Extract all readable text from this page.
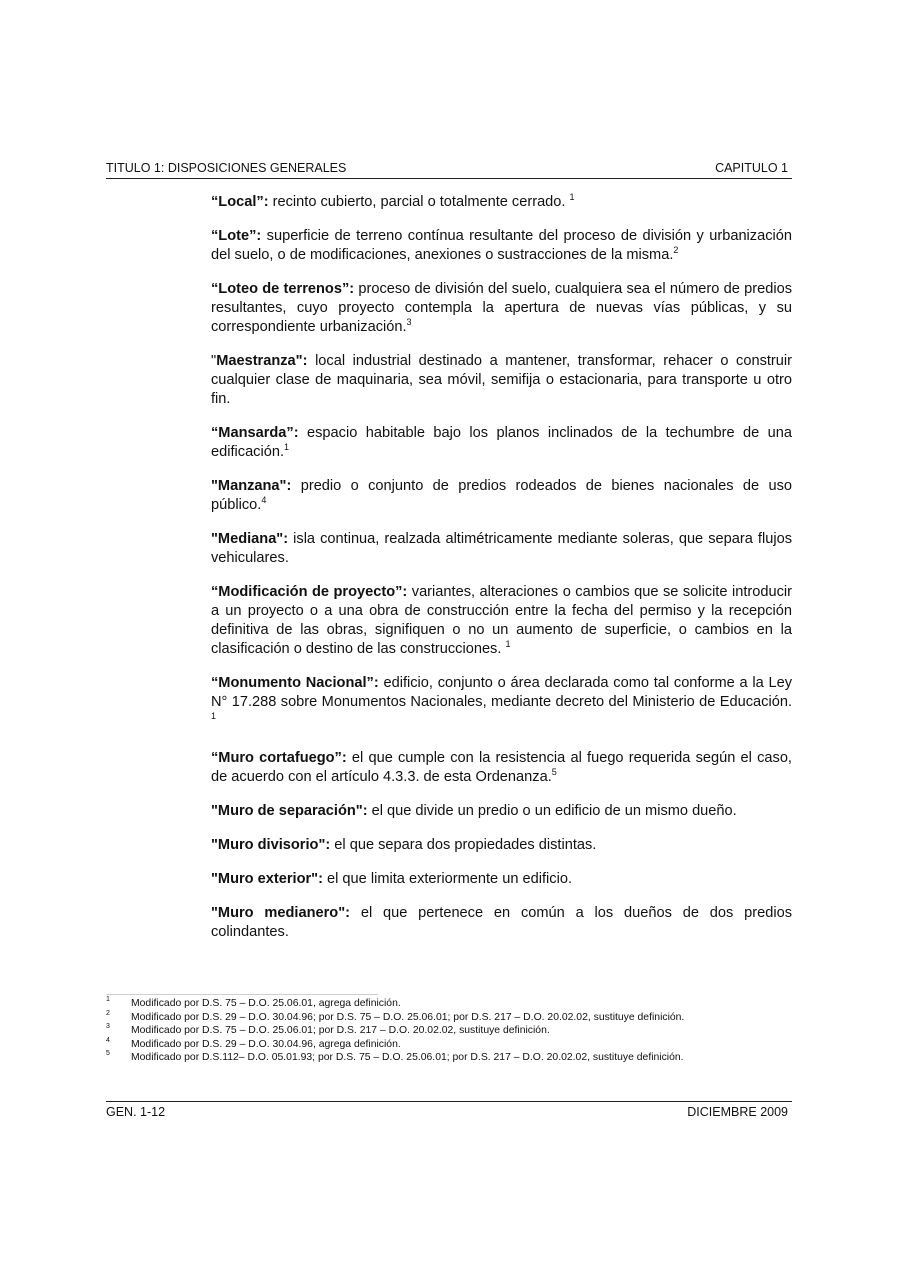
TITULO 1: DISPOSICIONES GENERALES	CAPITULO 1

“Local”: recinto cubierto, parcial o totalmente cerrado. $^1$

“Lote”: superficie de terreno contínua resultante del proceso de división y urbanización del suelo, o de modificaciones, anexiones o sustracciones de la misma.$^2$

“Loteo de terrenos”: proceso de división del suelo, cualquiera sea el número de predios resultantes, cuyo proyecto contempla la apertura de nuevas vías públicas, y su correspondiente urbanización.$^3$

"Maestranza": local industrial destinado a mantener, transformar, rehacer o construir cualquier clase de maquinaria, sea móvil, semifija o estacionaria, para transporte u otro fin.

“Mansarda”: espacio habitable bajo los planos inclinados de la techumbre de una edificación.$^1$

"Manzana": predio o conjunto de predios rodeados de bienes nacionales de uso público.$^4$

"Mediana": isla continua, realzada altimétricamente mediante soleras, que separa flujos vehiculares.

“Modificación de proyecto”: variantes, alteraciones o cambios que se solicite introducir a un proyecto o a una obra de construcción entre la fecha del permiso y la recepción definitiva de las obras, signifiquen o no un aumento de superficie, o cambios en la clasificación o destino de las construcciones. $^1$

“Monumento Nacional”: edificio, conjunto o área declarada como tal conforme a la Ley N° 17.288 sobre Monumentos Nacionales, mediante decreto del Ministerio de Educación. $^1$

“Muro cortafuego”: el que cumple con la resistencia al fuego requerida según el caso, de acuerdo con el artículo 4.3.3. de esta Ordenanza.$^5$

"Muro de separación": el que divide un predio o un edificio de un mismo dueño.

"Muro divisorio": el que separa dos propiedades distintas.

"Muro exterior": el que limita exteriormente un edificio.

"Muro medianero": el que pertenece en común a los dueños de dos predios colindantes.

1 Modificado por D.S. 75 – D.O. 25.06.01, agrega definición.
2 Modificado por D.S. 29 – D.O. 30.04.96; por D.S. 75 – D.O. 25.06.01; por D.S. 217 – D.O. 20.02.02, sustituye definición.
3 Modificado por D.S. 75 – D.O. 25.06.01; por D.S. 217 – D.O. 20.02.02, sustituye definición.
4 Modificado por D.S. 29 – D.O. 30.04.96, agrega definición.
5 Modificado por D.S.112– D.O. 05.01.93; por D.S. 75 – D.O. 25.06.01; por D.S. 217 – D.O. 20.02.02, sustituye definición.
GEN. 1-12	DICIEMBRE 2009
